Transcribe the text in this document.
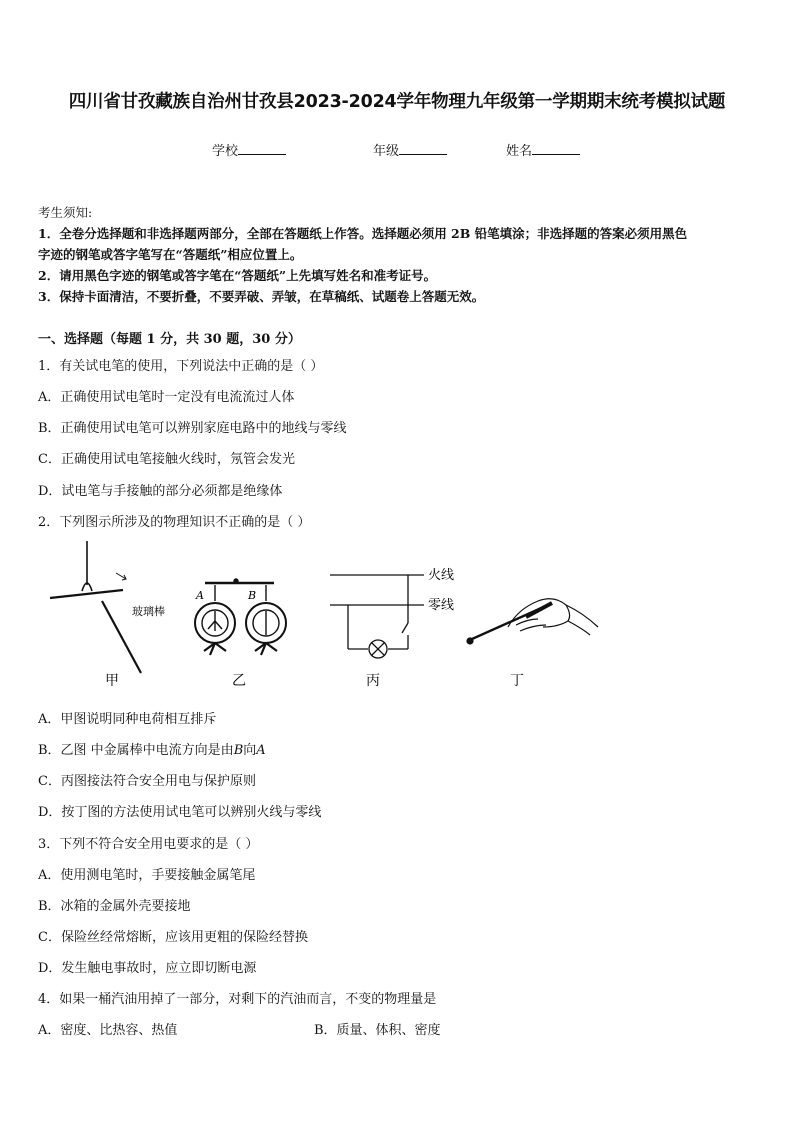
四川省甘孜藏族自治州甘孜县2023-2024学年物理九年级第一学期期末统考模拟试题
学校	年级	姓名
考生须知:
1．全卷分选择题和非选择题两部分，全部在答题纸上作答。选择题必须用 2B 铅笔填涂；非选择题的答案必须用黑色
字迹的钢笔或答字笔写在“答题纸”相应位置上。
2．请用黑色字迹的钢笔或答字笔在“答题纸”上先填写姓名和准考证号。
3．保持卡面清洁，不要折叠，不要弄破、弄皱，在草稿纸、试题卷上答题无效。
一、选择题（每题 1 分，共 30 题，30 分）
1．有关试电笔的使用，下列说法中正确的是（ ）
A．正确使用试电笔时一定没有电流流过人体
B．正确使用试电笔可以辨别家庭电路中的地线与零线
C．正确使用试电笔接触火线时，氖管会发光
D．试电笔与手接触的部分必须都是绝缘体
2．下列图示所涉及的物理知识不正确的是（ ）
玻璃棒
A	B
火线
零线
甲	乙	丙	丁
A．甲图说明同种电荷相互排斥
B．乙图 中金属棒中电流方向是由B向A
C．丙图接法符合安全用电与保护原则
D．按丁图的方法使用试电笔可以辨别火线与零线
3．下列不符合安全用电要求的是（ ）
A．使用测电笔时，手要接触金属笔尾
B．冰箱的金属外壳要接地
C．保险丝经常熔断，应该用更粗的保险经替换
D．发生触电事故时，应立即切断电源
4．如果一桶汽油用掉了一部分，对剩下的汽油而言，不变的物理量是
A．密度、比热容、热值	B．质量、体积、密度
